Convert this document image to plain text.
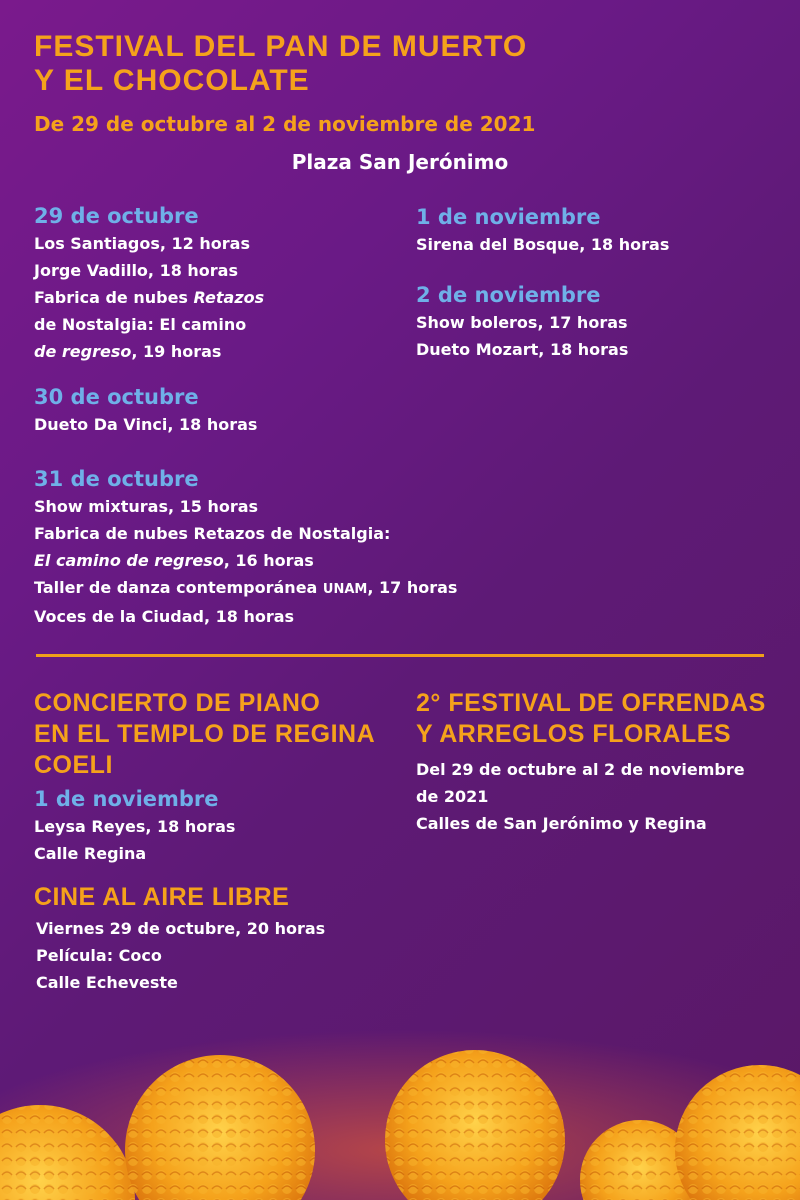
FESTIVAL DEL PAN DE MUERTO
Y EL CHOCOLATE

De 29 de octubre al 2 de noviembre de 2021

Plaza San Jerónimo

29 de octubre

Los Santiagos, 12 horas

Jorge Vadillo, 18 horas

Fabrica de nubes Retazos

de Nostalgia: El camino

de regreso, 19 horas

30 de octubre

Dueto Da Vinci, 18 horas

31 de octubre

Show mixturas, 15 horas

Fabrica de nubes Retazos de Nostalgia:

El camino de regreso, 16 horas

Taller de danza contemporánea UNAM, 17 horas

Voces de la Ciudad, 18 horas

1 de noviembre

Sirena del Bosque, 18 horas

2 de noviembre

Show boleros, 17 horas

Dueto Mozart, 18 horas

CONCIERTO DE PIANO
EN EL TEMPLO DE REGINA
COELI

1 de noviembre

Leysa Reyes, 18 horas

Calle Regina

CINE AL AIRE LIBRE

Viernes 29 de octubre, 20 horas

Película: Coco

Calle Echeveste

2° FESTIVAL DE OFRENDAS
Y ARREGLOS FLORALES

Del 29 de octubre al 2 de noviembre

de 2021

Calles de San Jerónimo y Regina
